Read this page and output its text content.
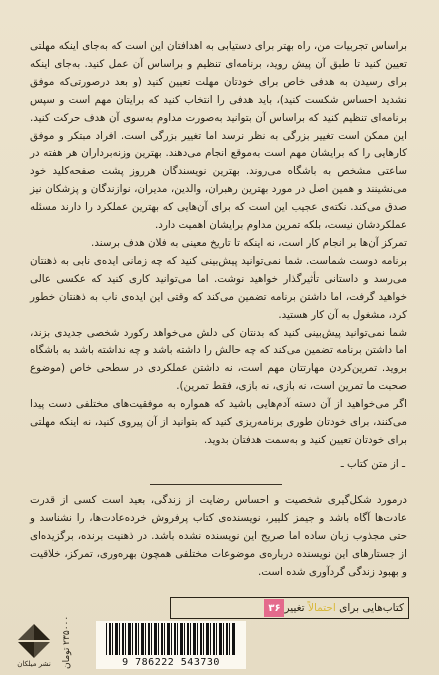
براساس تجربیات من، راه بهتر برای دستیابی به اهدافتان این است که به‌جای اینکه مهلتی تعیین کنید تا طبق آن پیش روید، برنامه‌ای تنظیم و براساس آن عمل کنید. به‌جای اینکه برای رسیدن به هدفی خاص برای خودتان مهلت تعیین کنید (و بعد درصورتی‌که موفق نشدید احساس شکست کنید)، باید هدفی را انتخاب کنید که برایتان مهم است و سپس برنامه‌ای تنظیم کنید که براساس آن بتوانید به‌صورت مداوم به‌سوی آن هدف حرکت کنید. این ممکن است تغییر بزرگی به نظر نرسد اما تغییر بزرگی است. افراد مبتکر و موفق کارهایی را که برایشان مهم است به‌موقع انجام می‌دهند. بهترین وزنه‌برداران هر هفته در ساعتی مشخص به باشگاه می‌روند. بهترین نویسندگان هرروز پشت صفحه‌کلید خود می‌نشینند و همین اصل در مورد بهترین رهبران، والدین، مدیران، نوازندگان و پزشکان نیز صدق می‌کند. نکته‌ی عجیب این است که برای آن‌هایی که بهترین عملکرد را دارند مسئله عملکردشان نیست، بلکه تمرین مداوم برایشان اهمیت دارد.

تمرکز آن‌ها بر انجام کار است، نه اینکه تا تاریخ معینی به فلان هدف برسند.

برنامه دوست شماست. شما نمی‌توانید پیش‌بینی کنید که چه زمانی ایده‌ی نابی به ذهنتان می‌رسد و داستانی تأثیرگذار خواهید نوشت. اما می‌توانید کاری کنید که عکسی عالی خواهید گرفت، اما داشتن برنامه تضمین می‌کند که وقتی این ایده‌ی ناب به ذهنتان خطور کرد، مشغول به آن کار هستید.

شما نمی‌توانید پیش‌بینی کنید که بدنتان کی دلش می‌خواهد رکورد شخصی جدیدی بزند، اما داشتن برنامه تضمین می‌کند که چه حالش را داشته باشد و چه نداشته باشد به باشگاه بروید. تمرین‌کردن مهارتتان مهم است، نه داشتن عملکردی در سطحی خاص (موضوع صحبت ما تمرین است، نه بازی، نه بازی، فقط تمرین).

اگر می‌خواهید از آن دسته آدم‌هایی باشید که همواره به موفقیت‌های مختلفی دست پیدا می‌کنند، برای خودتان طوری برنامه‌ریزی کنید که بتوانید از آن پیروی کنید، نه اینکه مهلتی برای خودتان تعیین کنید و به‌سمت هدفتان بدوید.

ـ از متن کتاب ـ
درمورد شکل‌گیری شخصیت و احساس رضایت از زندگی، بعید است کسی از قدرت عادت‌ها آگاه باشد و جیمز کلییر، نویسنده‌ی کتاب پرفروش خرده‌عادت‌ها، را نشناسد و حتی مجذوب زبان ساده اما صریح این نویسنده نشده باشد. در ذهنیت برنده، برگزیده‌ای از جستارهای این نویسنده درباره‌ی موضوعات مختلفی همچون بهره‌وری، تمرکز، خلاقیت و بهبود زندگی گردآوری شده است.
کتاب‌هایی برای احتمالاً تغییر
۳۶
9 786222 543730
۲۳۵۰۰۰ تومان
نشر میلکان
